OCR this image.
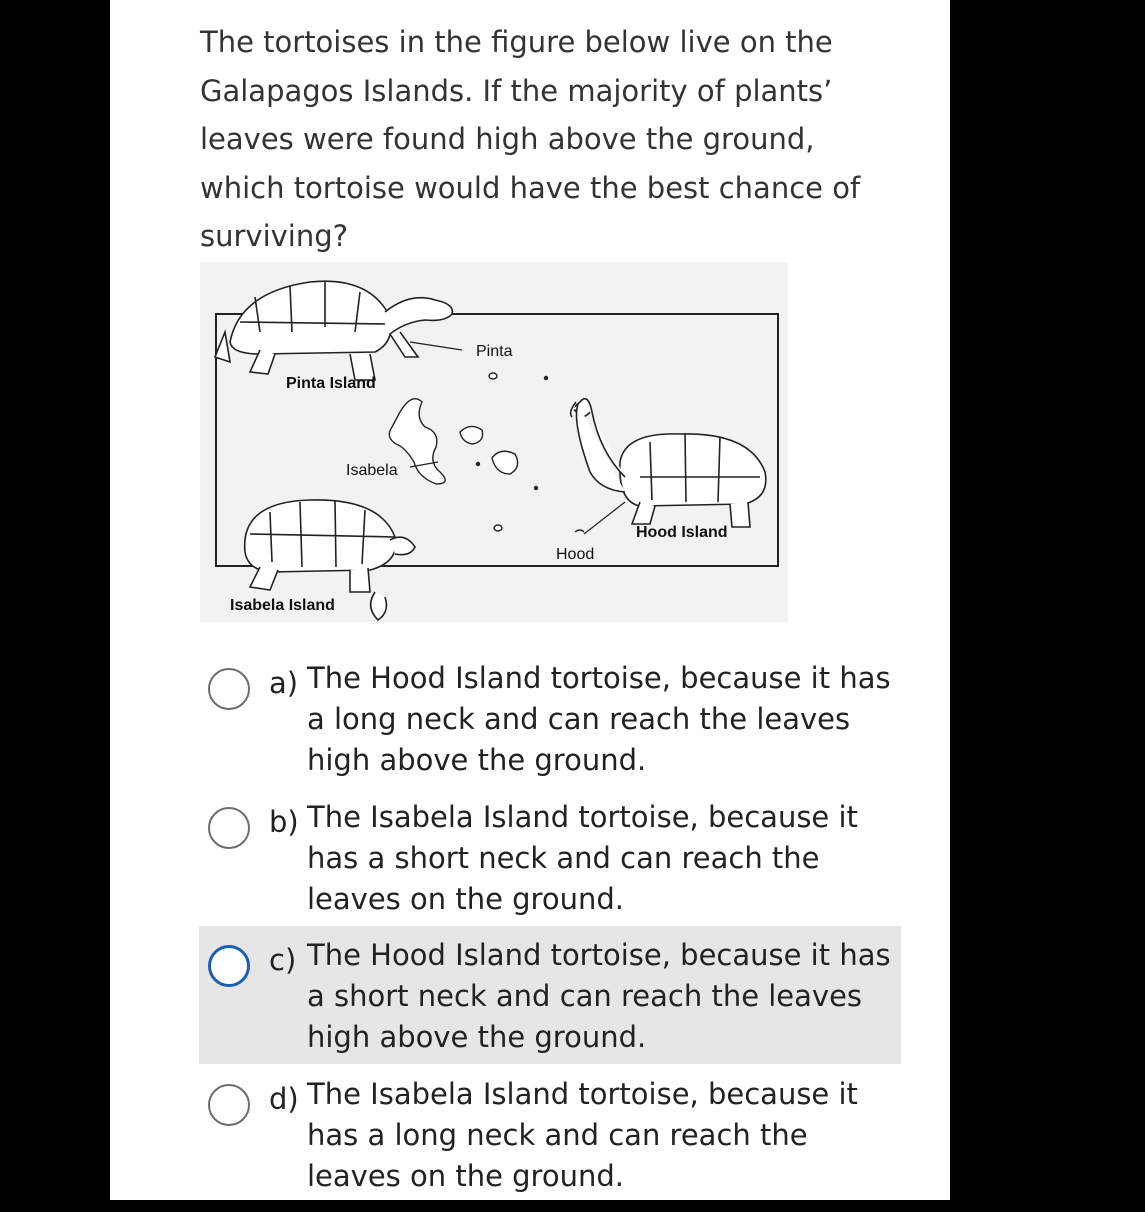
The tortoises in the figure below live on the Galapagos Islands. If the majority of plants’ leaves were found high above the ground, which tortoise would have the best chance of surviving?

Pinta Island
Pinta
Isabela
Isabela Island
Hood
Hood Island
a) The Hood Island tortoise, because it has a long neck and can reach the leaves high above the ground.
b) The Isabela Island tortoise, because it has a short neck and can reach the leaves on the ground.
c) The Hood Island tortoise, because it has a short neck and can reach the leaves high above the ground.
d) The Isabela Island tortoise, because it has a long neck and can reach the leaves on the ground.
